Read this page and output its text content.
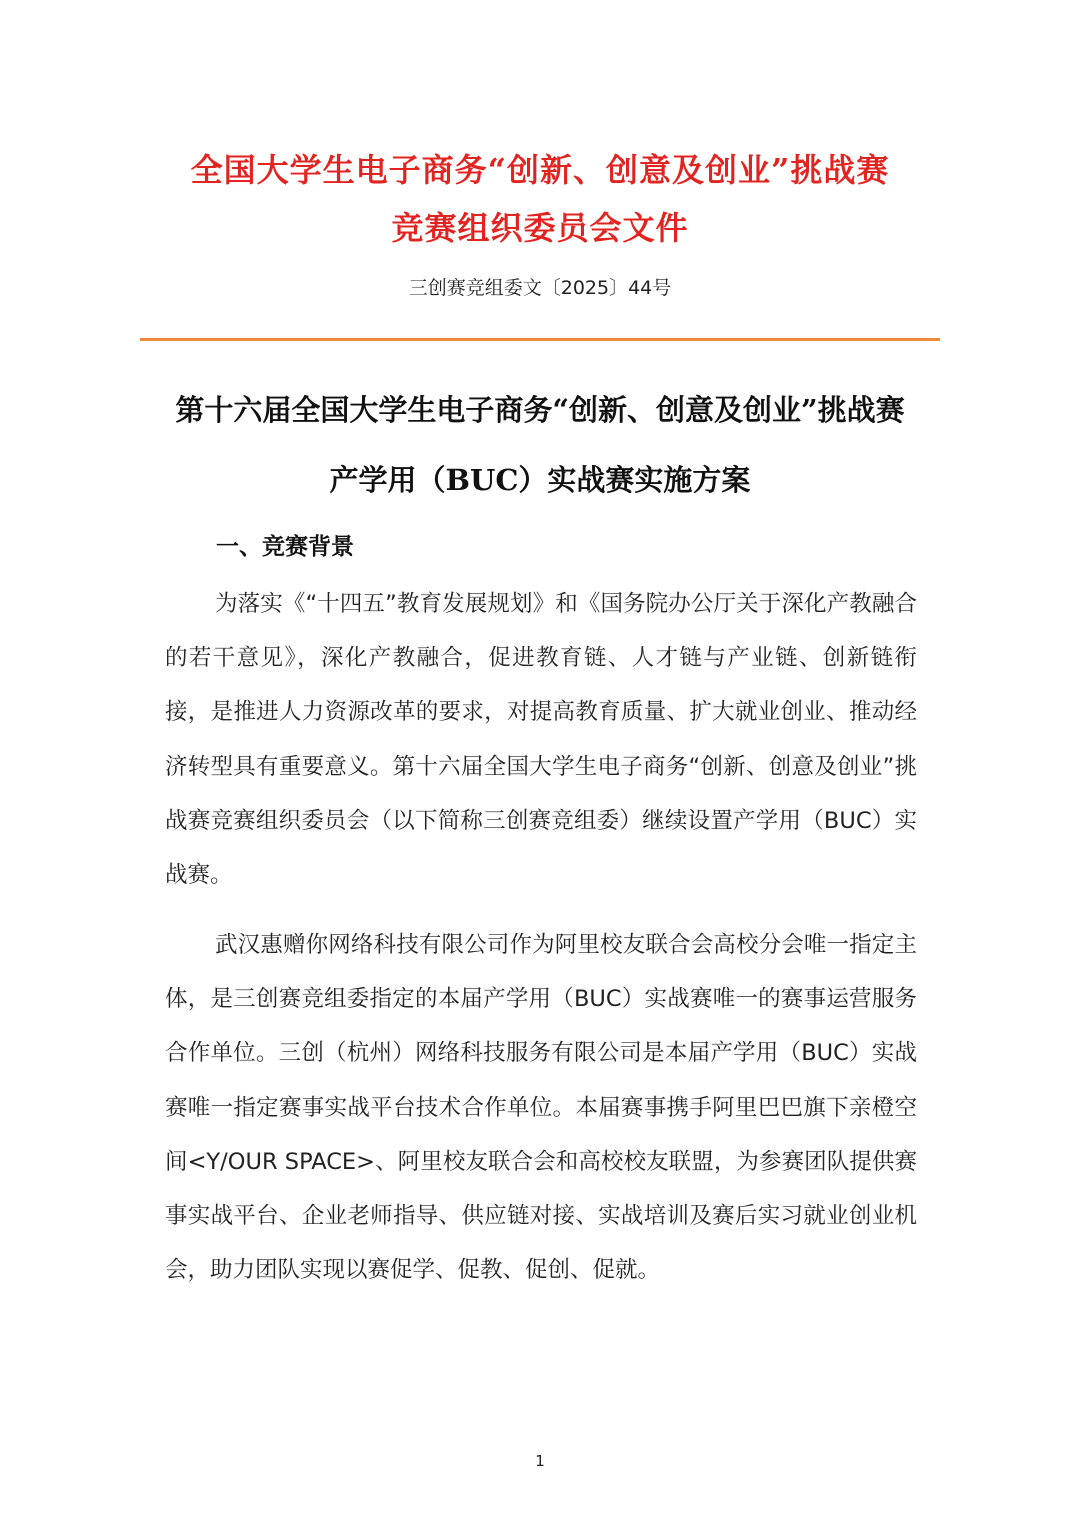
全国大学生电子商务“创新、创意及创业”挑战赛
竞赛组织委员会文件
三创赛竞组委文〔2025〕44号
第十六届全国大学生电子商务“创新、创意及创业”挑战赛
产学用（BUC）实战赛实施方案
一、竞赛背景

为落实《“十四五”教育发展规划》和《国务院办公厅关于深化产教融合的若干意见》，深化产教融合，促进教育链、人才链与产业链、创新链衔接，是推进人力资源改革的要求，对提高教育质量、扩大就业创业、推动经济转型具有重要意义。第十六届全国大学生电子商务“创新、创意及创业”挑战赛竞赛组织委员会（以下简称三创赛竞组委）继续设置产学用（BUC）实战赛。

武汉惠赠你网络科技有限公司作为阿里校友联合会高校分会唯一指定主体，是三创赛竞组委指定的本届产学用（BUC）实战赛唯一的赛事运营服务合作单位。三创（杭州）网络科技服务有限公司是本届产学用（BUC）实战赛唯一指定赛事实战平台技术合作单位。本届赛事携手阿里巴巴旗下亲橙空间<Y/OUR SPACE>、阿里校友联合会和高校校友联盟，为参赛团队提供赛事实战平台、企业老师指导、供应链对接、实战培训及赛后实习就业创业机会，助力团队实现以赛促学、促教、促创、促就。

1
